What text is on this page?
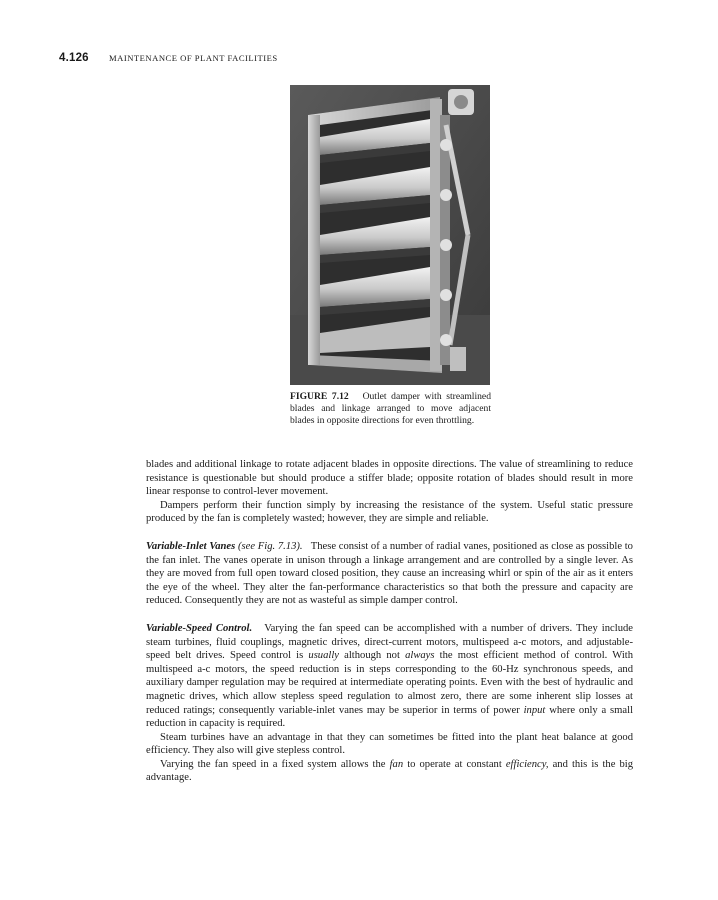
4.126 MAINTENANCE OF PLANT FACILITIES
FIGURE 7.12 Outlet damper with streamlined blades and linkage arranged to move adjacent blades in opposite directions for even throttling.

blades and additional linkage to rotate adjacent blades in opposite directions. The value of streamlining to reduce resistance is questionable but should produce a stiffer blade; opposite rotation of blades should result in more linear response to control-lever movement.

Dampers perform their function simply by increasing the resistance of the system. Useful static pressure produced by the fan is completely wasted; however, they are simple and reliable.

Variable-Inlet Vanes (see Fig. 7.13). These consist of a number of radial vanes, positioned as close as possible to the fan inlet. The vanes operate in unison through a linkage arrangement and are controlled by a single lever. As they are moved from full open toward closed position, they cause an increasing whirl or spin of the air as it enters the eye of the wheel. They alter the fan-performance characteristics so that both the pressure and capacity are reduced. Consequently they are not as wasteful as simple damper control.

Variable-Speed Control. Varying the fan speed can be accomplished with a number of drivers. They include steam turbines, fluid couplings, magnetic drives, direct-current motors, multispeed a-c motors, and adjustable-speed belt drives. Speed control is usually although not always the most efficient method of control. With multispeed a-c motors, the speed reduction is in steps corresponding to the 60-Hz synchronous speeds, and auxiliary damper regulation may be required at intermediate operating points. Even with the best of hydraulic and magnetic drives, which allow stepless speed regulation to almost zero, there are some inherent slip losses at reduced ratings; consequently variable-inlet vanes may be superior in terms of power input where only a small reduction in capacity is required.

Steam turbines have an advantage in that they can sometimes be fitted into the plant heat balance at good efficiency. They also will give stepless control.

Varying the fan speed in a fixed system allows the fan to operate at constant efficiency, and this is the big advantage.
